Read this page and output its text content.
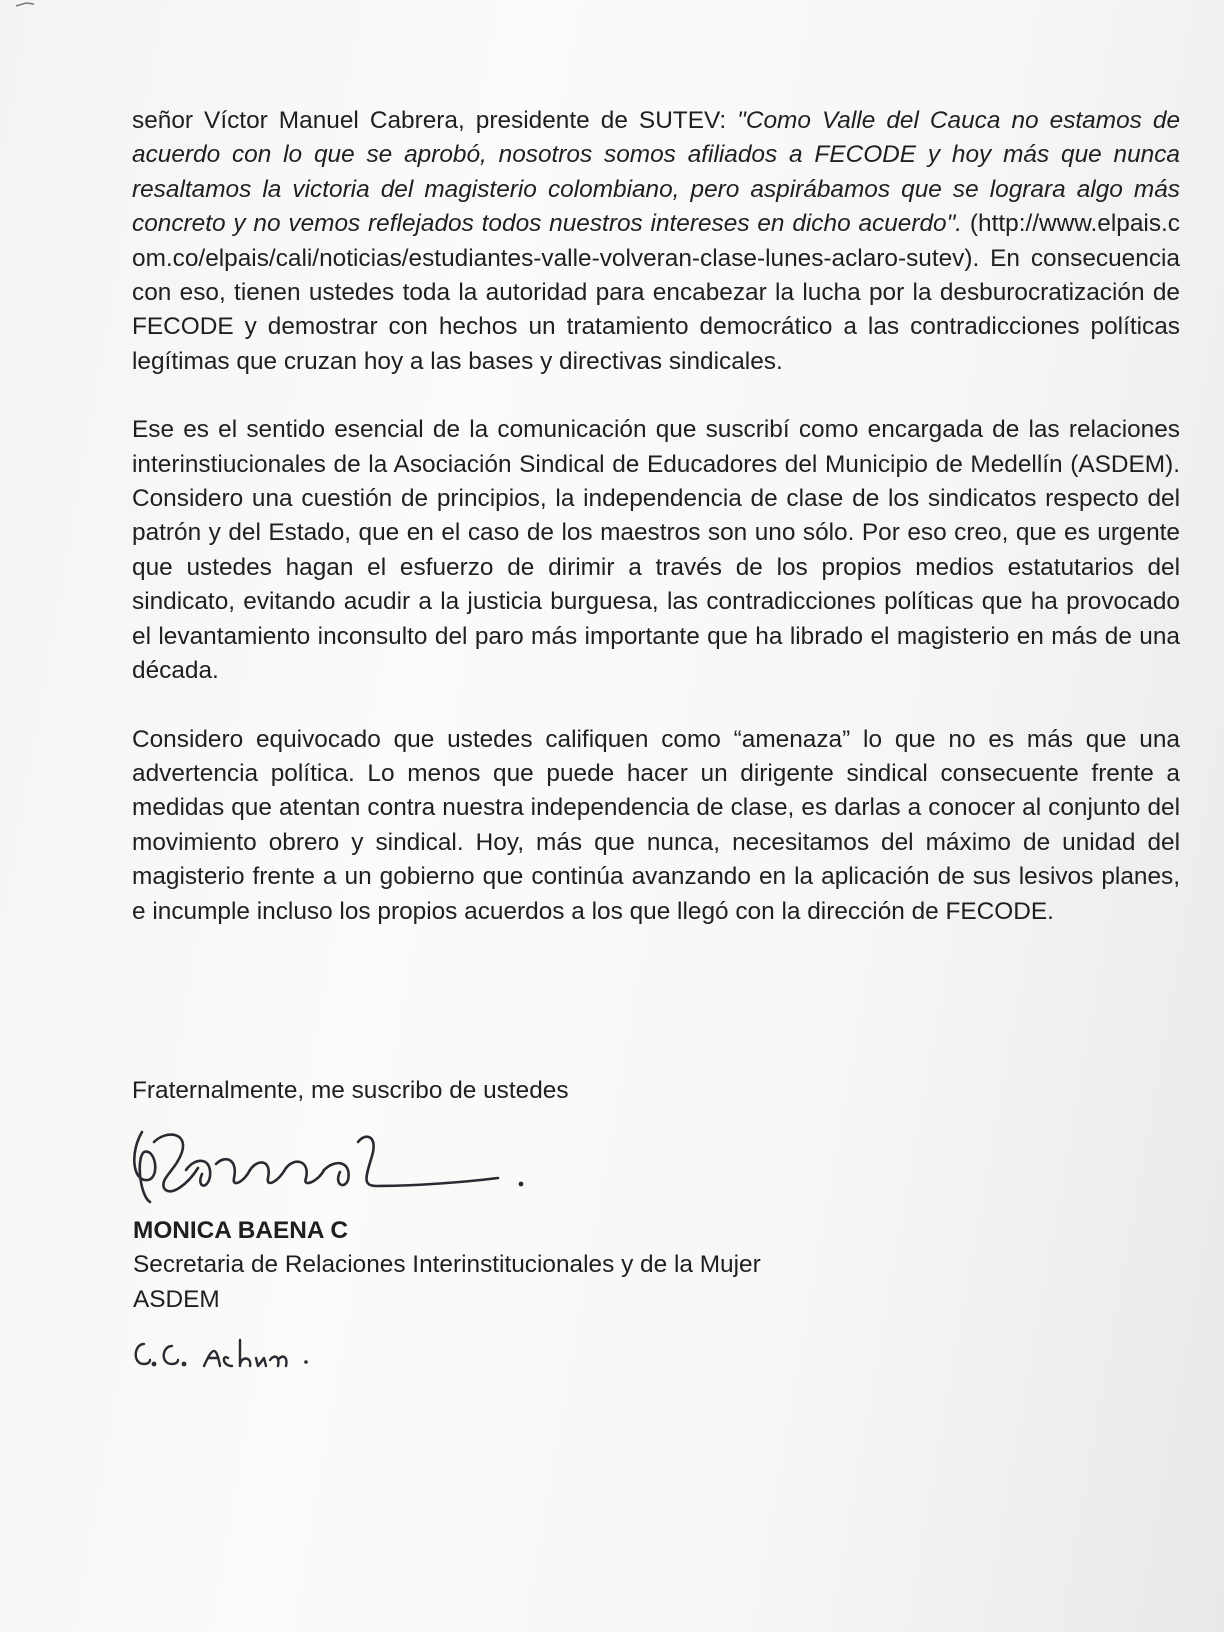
señor Víctor Manuel Cabrera, presidente de SUTEV: "Como Valle del Cauca no estamos de acuerdo con lo que se aprobó, nosotros somos afiliados a FECODE y hoy más que nunca resaltamos la victoria del magisterio colombiano, pero aspirábamos que se lograra algo más concreto y no vemos reflejados todos nuestros intereses en dicho acuerdo". (http://www.elpais.com.co/elpais/cali/noticias/estudiantes-valle-volveran-clase-lunes-aclaro-sutev). En consecuencia con eso, tienen ustedes toda la autoridad para encabezar la lucha por la desburocratización de FECODE y demostrar con hechos un tratamiento democrático a las contradicciones políticas legítimas que cruzan hoy a las bases y directivas sindicales.

Ese es el sentido esencial de la comunicación que suscribí como encargada de las relaciones interinstiucionales de la Asociación Sindical de Educadores del Municipio de Medellín (ASDEM). Considero una cuestión de principios, la independencia de clase de los sindicatos respecto del patrón y del Estado, que en el caso de los maestros son uno sólo. Por eso creo, que es urgente que ustedes hagan el esfuerzo de dirimir a través de los propios medios estatutarios del sindicato, evitando acudir a la justicia burguesa, las contradicciones políticas que ha provocado el levantamiento inconsulto del paro más importante que ha librado el magisterio en más de una década.

Considero equivocado que ustedes califiquen como “amenaza” lo que no es más que una advertencia política. Lo menos que puede hacer un dirigente sindical consecuente frente a medidas que atentan contra nuestra independencia de clase, es darlas a conocer al conjunto del movimiento obrero y sindical. Hoy, más que nunca, necesitamos del máximo de unidad del magisterio frente a un gobierno que continúa avanzando en la aplicación de sus lesivos planes, e incumple incluso los propios acuerdos a los que llegó con la dirección de FECODE.

Fraternalmente, me suscribo de ustedes
MONICA BAENA C
Secretaria de Relaciones Interinstitucionales y de la Mujer
ASDEM
